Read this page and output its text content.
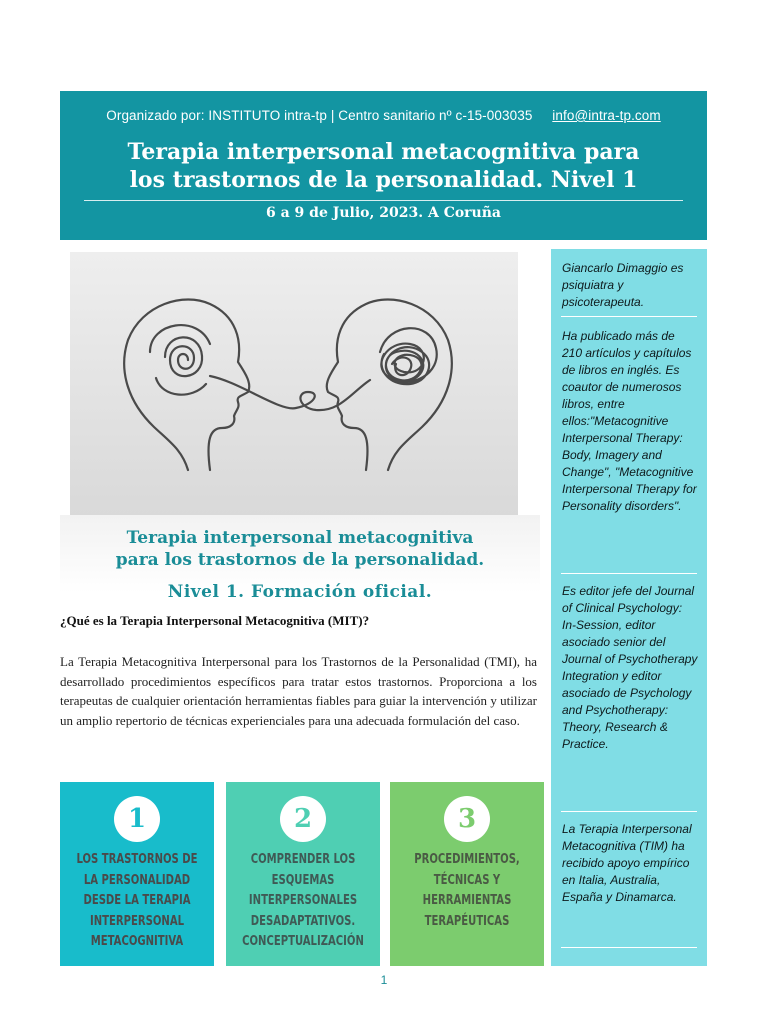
Organizado por: INSTITUTO intra-tp | Centro sanitario nº c-15-003035 info@intra-tp.com
Terapia interpersonal metacognitiva para
los trastornos de la personalidad. Nivel 1
6 a 9 de Julio, 2023. A Coruña
Terapia interpersonal metacognitiva
para los trastornos de la personalidad.
Nivel 1. Formación oficial.
¿Qué es la Terapia Interpersonal Metacognitiva (MIT)?
La Terapia Metacognitiva Interpersonal para los Trastornos de la Personalidad (TMI), ha desarrollado procedimientos específicos para tratar estos trastornos. Proporciona a los terapeutas de cualquier orientación herramientas fiables para guiar la intervención y utilizar un amplio repertorio de técnicas experienciales para una adecuada formulación del caso.
1
LOS TRASTORNOS DE LA PERSONALIDAD DESDE LA TERAPIA INTERPERSONAL METACOGNITIVA
2
COMPRENDER LOS ESQUEMAS INTERPERSONALES DESADAPTATIVOS. CONCEPTUALIZACIÓN
3
PROCEDIMIENTOS, TÉCNICAS Y HERRAMIENTAS TERAPÉUTICAS
Giancarlo Dimaggio es psiquiatra y psicoterapeuta.
Ha publicado más de 210 artículos y capítulos de libros en inglés. Es coautor de numerosos libros, entre ellos:"Metacognitive Interpersonal Therapy: Body, Imagery and Change", "Metacognitive Interpersonal Therapy for Personality disorders".
Es editor jefe del Journal of Clinical Psychology: In-Session, editor asociado senior del Journal of Psychotherapy Integration y editor asociado de Psychology and Psychotherapy: Theory, Research & Practice.
La Terapia Interpersonal Metacognitiva (TIM) ha recibido apoyo empírico en Italia, Australia, España y Dinamarca.
1
